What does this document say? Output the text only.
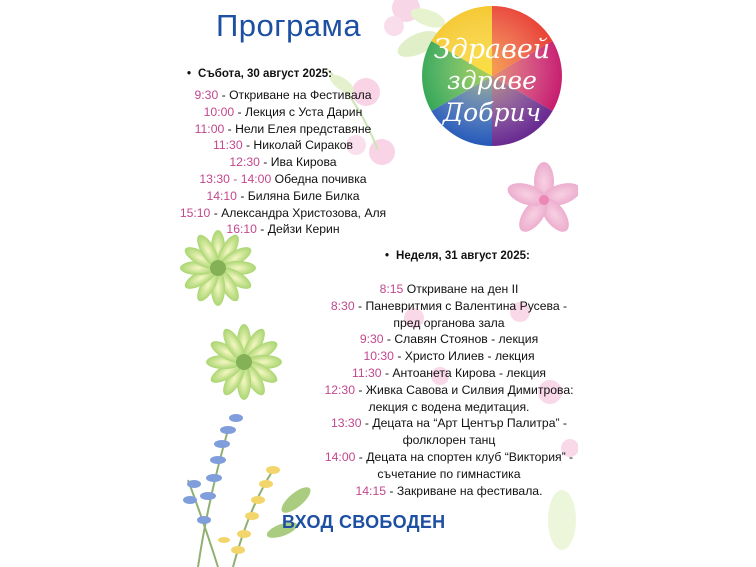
Програма
Здравей
здраве
Добрич
• Събота, 30 август 2025:
9:30 - Откриване на Фестивала
10:00 - Лекция с Уста Дарин
11:00 - Нели Елея представяне
11:30 - Николай Сираков
12:30 - Ива Кирова
13:30 - 14:00 Обедна почивка
14:10 - Биляна Биле Билка
15:10 - Александра Христозова, Аля
16:10 - Дейзи Керин
• Неделя, 31 август 2025:
8:15 Откриване на ден II
8:30 - Паневритмия с Валентина Русева - пред органова зала
9:30 - Славян Стоянов - лекция
10:30 - Христо Илиев - лекция
11:30 - Антоанета Кирова - лекция
12:30 - Живка Савова и Силвия Димитрова: лекция с водена медитация.
13:30 - Децата на “Арт Център Палитра” - фолклорен танц
14:00 - Децата на спортен клуб “Виктория” - съчетание по гимнастика
14:15 - Закриване на фестивала.
ВХОД СВОБОДЕН
